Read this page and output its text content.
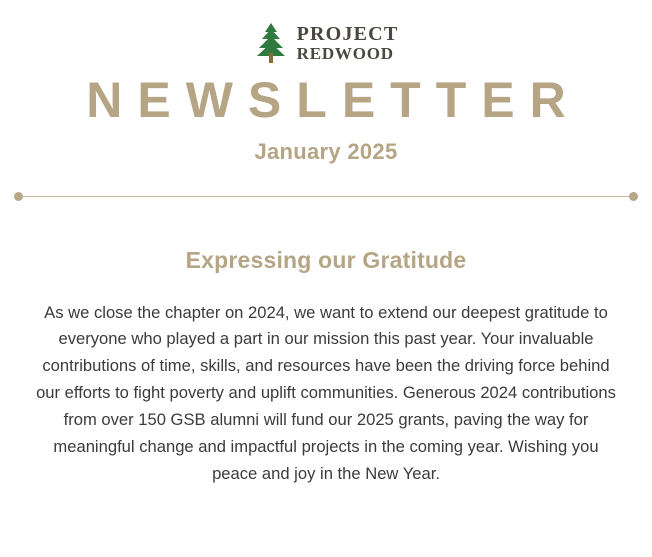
PROJECT
REDWOOD
NEWSLETTER
January 2025
Expressing our Gratitude
As we close the chapter on 2024, we want to extend our deepest gratitude to everyone who played a part in our mission this past year. Your invaluable contributions of time, skills, and resources have been the driving force behind our efforts to fight poverty and uplift communities. Generous 2024 contributions from over 150 GSB alumni will fund our 2025 grants, paving the way for meaningful change and impactful projects in the coming year. Wishing you peace and joy in the New Year.
